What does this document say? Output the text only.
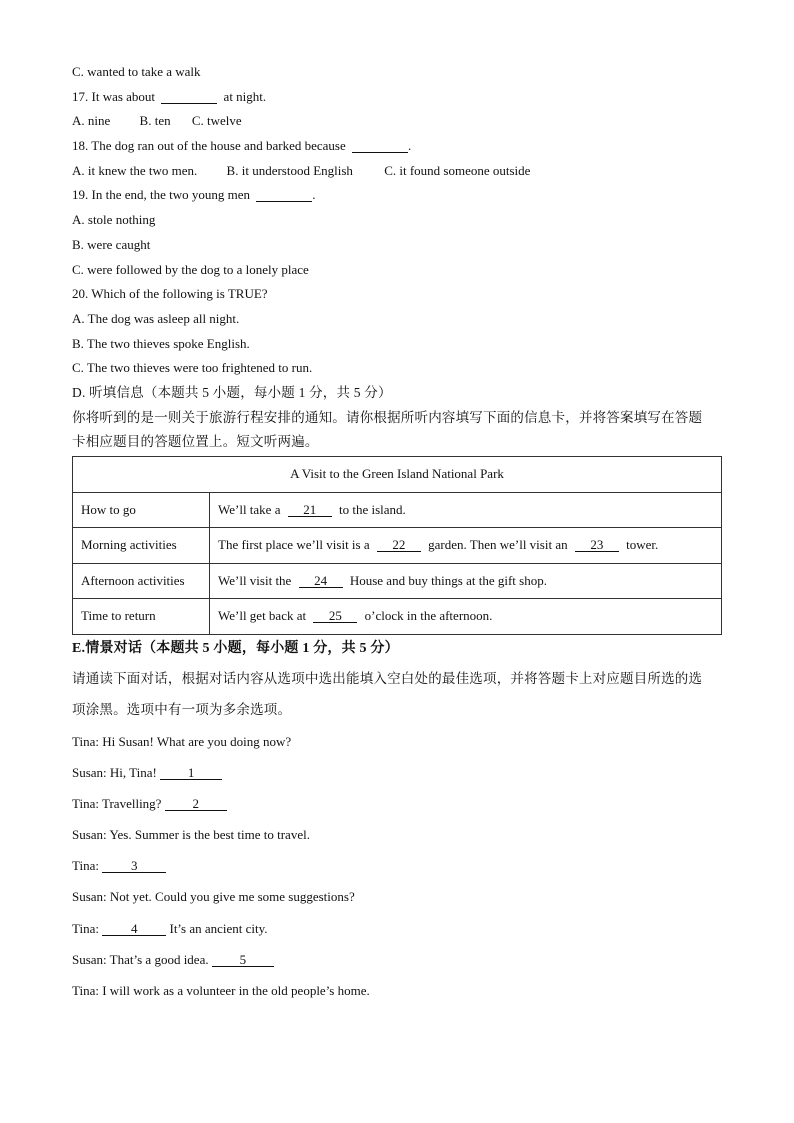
C. wanted to take a walk
17. It was about	at night.
A. nine B. ten C. twelve
18. The dog ran out of the house and barked because	.
A. it knew the two men. B. it understood English C. it found someone outside
19. In the end, the two young men	.
A. stole nothing
B. were caught
C. were followed by the dog to a lonely place
20. Which of the following is TRUE?
A. The dog was asleep all night.
B. The two thieves spoke English.
C. The two thieves were too frightened to run.
D. 听填信息（本题共 5 小题，每小题 1 分，共 5 分）
你将听到的是一则关于旅游行程安排的通知。请你根据所听内容填写下面的信息卡，并将答案填写在答题
卡相应题目的答题位置上。短文听两遍。
A Visit to the Green Island National Park	
How to go	We’ll take a 21 to the island.
Morning activities	The first place we’ll visit is a 22 garden. Then we’ll visit an 23 tower.
Afternoon activities	We’ll visit the 24 House and buy things at the gift shop.
Time to return	We’ll get back at 25 o’clock in the afternoon.
E.情景对话（本题共 5 小题，每小题 1 分，共 5 分）
请通读下面对话，根据对话内容从选项中选出能填入空白处的最佳选项，并将答题卡上对应题目所选的选
项涂黑。选项中有一项为多余选项。
Tina: Hi Susan! What are you doing now?
Susan: Hi, Tina! 1
Tina: Travelling? 2
Susan: Yes. Summer is the best time to travel.
Tina: 3
Susan: Not yet. Could you give me some suggestions?
Tina: 4 It’s an ancient city.
Susan: That’s a good idea. 5
Tina: I will work as a volunteer in the old people’s home.
